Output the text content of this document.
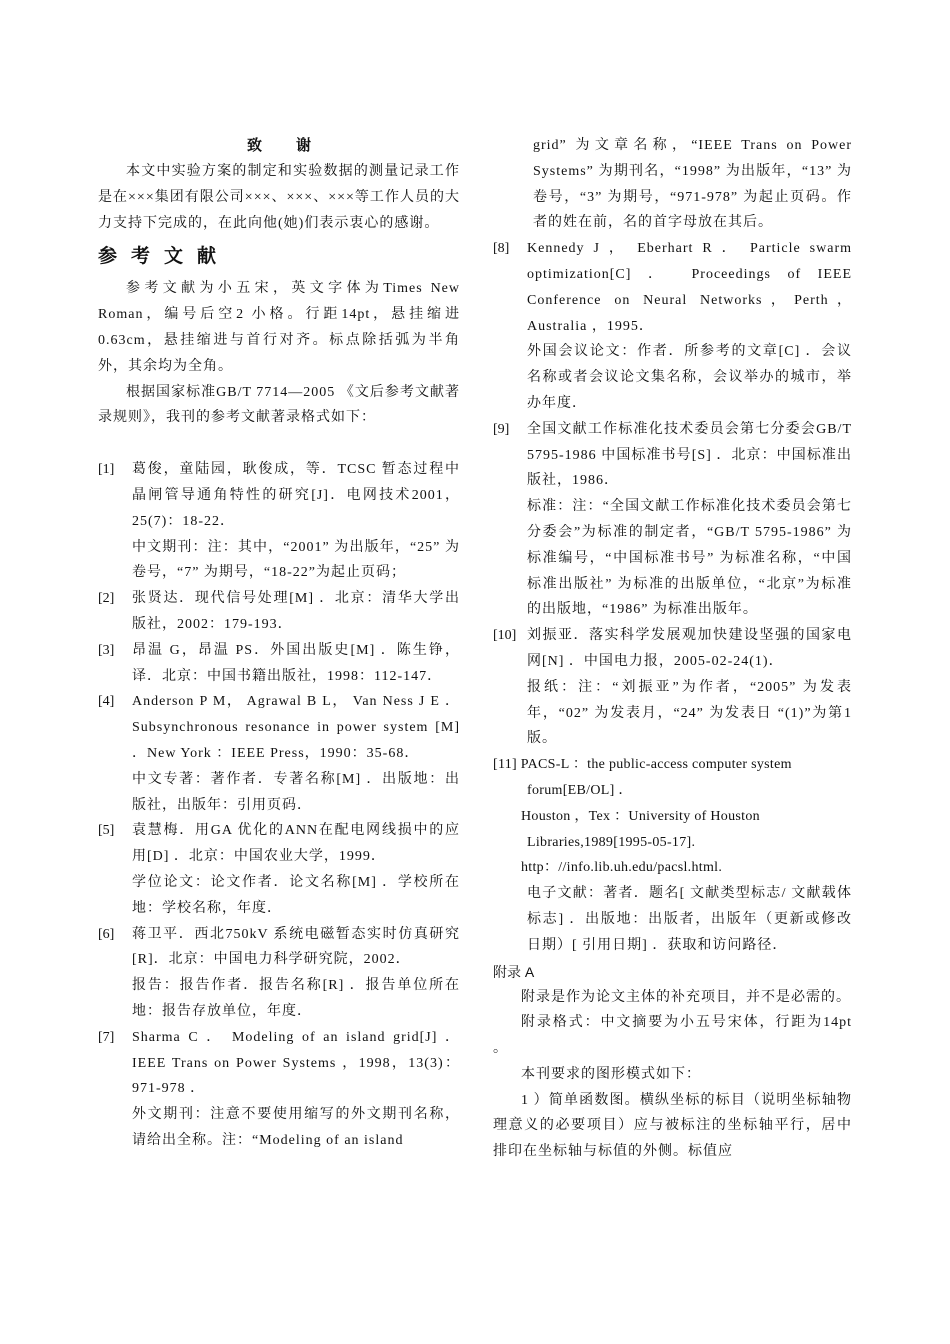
致谢
本文中实验方案的制定和实验数据的测量记录工作是在×××集团有限公司×××、×××、×××等工作人员的大力支持下完成的，在此向他(她)们表示衷心的感谢。
参考文献
参考文献为小五宋，英文字体为Times New Roman，编号后空2 小格。行距14pt，悬挂缩进0.63cm，悬挂缩进与首行对齐。标点除括弧为半角外，其余均为全角。
根据国家标准GB/T 7714—2005 《文后参考文献著录规则》，我刊的参考文献著录格式如下：
[1]	葛俊，童陆园，耿俊成，等．TCSC 暂态过程中晶闸管导通角特性的研究[J]．电网技术2001，25(7)：18-22．
中文期刊：注：其中，“2001” 为出版年，“25” 为卷号，“7” 为期号，“18-22”为起止页码；
[2]	张贤达．现代信号处理[M] ．北京：清华大学出版社，2002：179-193．
[3]	昂温 G，昂温 PS．外国出版史[M] ．陈生铮，译．北京：中国书籍出版社，1998：112-147．
[4]	Anderson P M， Agrawal B L， Van Ness J E ． Subsynchronous resonance in power system [M] ．New York ：IEEE Press，1990：35-68．
中文专著：著作者．专著名称[M] ．出版地：出版社，出版年：引用页码．
[5]	袁慧梅．用GA 优化的ANN在配电网线损中的应用[D] ．北京：中国农业大学，1999．
学位论文：论文作者．论文名称[M] ．学校所在地：学校名称，年度．
[6]	蒋卫平．西北750kV 系统电磁暂态实时仿真研究[R]．北京：中国电力科学研究院，2002．
报告：报告作者．报告名称[R] ．报告单位所在地：报告存放单位，年度．
[7]	Sharma C ． Modeling of an island grid[J] ． IEEE Trans on Power Systems ，1998，13(3)：971-978 ．
外文期刊：注意不要使用缩写的外文期刊名称，请给出全称。注：“Modeling of an island
grid” 为文章名称，“IEEE Trans on Power Systems” 为期刊名，“1998” 为出版年，“13” 为卷号，“3” 为期号，“971-978” 为起止页码。作者的姓在前，名的首字母放在其后。
[8]	Kennedy J ， Eberhart R ． Particle swarm optimization[C] ． Proceedings of IEEE Conference on Neural Networks，Perth，Australia ，1995．
外国会议论文：作者．所参考的文章[C] ．会议名称或者会议论文集名称，会议举办的城市，举办年度．
[9]	全国文献工作标准化技术委员会第七分委会GB/T 5795-1986 中国标准书号[S] ．北京：中国标准出版社，1986．
标准：注：“全国文献工作标准化技术委员会第七分委会”为标准的制定者，“GB/T 5795-1986” 为标准编号，“中国标准书号” 为标准名称，“中国标准出版社” 为标准的出版单位，“北京”为标准的出版地，“1986” 为标准出版年。
[10] 刘振亚．落实科学发展观加快建设坚强的国家电网[N] ．中国电力报，2005-02-24(1)．
报纸：注：“刘振亚”为作者，“2005” 为发表年，“02” 为发表月，“24” 为发表日 “(1)”为第1 版。
[11] PACS-L ：the public-access computer system
forum[EB/OL] ．
Houston ，Tex ：University of Houston
Libraries,1989[1995-05-17].
http：//info.lib.uh.edu/pacsl.html.
电子文献：著者．题名[ 文献类型标志/ 文献载体标志] ．出版地：出版者，出版年（更新或修改日期）[ 引用日期] ．获取和访问路径．
附录 A
附录是作为论文主体的补充项目，并不是必需的。
附录格式：中文摘要为小五号宋体，行距为14pt 。
本刊要求的图形模式如下：
1 ）简单函数图。横纵坐标的标目（说明坐标轴物理意义的必要项目）应与被标注的坐标轴平行，居中排印在坐标轴与标值的外侧。标值应
